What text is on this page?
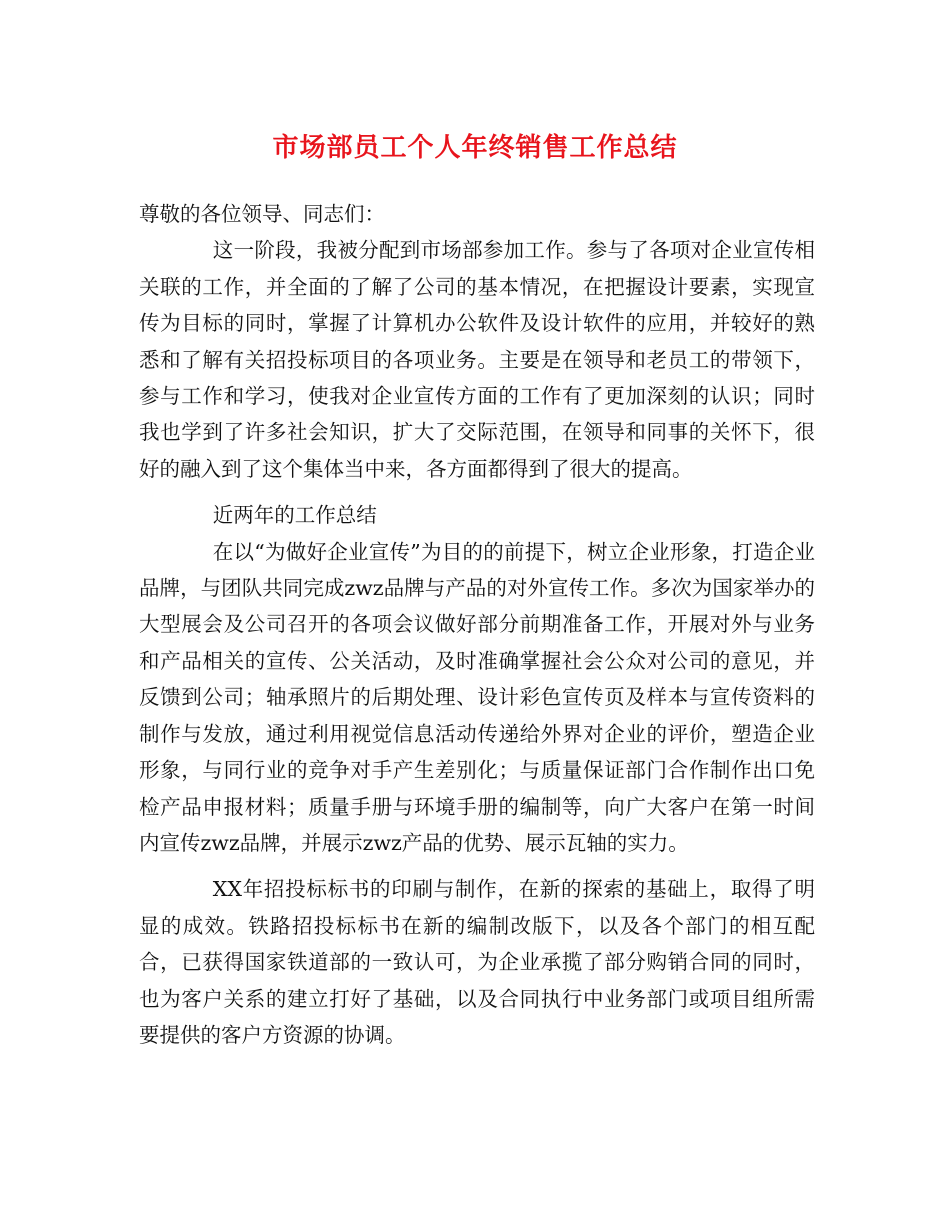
市场部员工个人年终销售工作总结

尊敬的各位领导、同志们：

这一阶段，我被分配到市场部参加工作。参与了各项对企业宣传相关联的工作，并全面的了解了公司的基本情况，在把握设计要素，实现宣传为目标的同时，掌握了计算机办公软件及设计软件的应用，并较好的熟悉和了解有关招投标项目的各项业务。主要是在领导和老员工的带领下，参与工作和学习，使我对企业宣传方面的工作有了更加深刻的认识；同时我也学到了许多社会知识，扩大了交际范围，在领导和同事的关怀下，很好的融入到了这个集体当中来，各方面都得到了很大的提高。

近两年的工作总结

在以“为做好企业宣传”为目的的前提下，树立企业形象，打造企业品牌，与团队共同完成zwz品牌与产品的对外宣传工作。多次为国家举办的大型展会及公司召开的各项会议做好部分前期准备工作，开展对外与业务和产品相关的宣传、公关活动，及时准确掌握社会公众对公司的意见，并反馈到公司；轴承照片的后期处理、设计彩色宣传页及样本与宣传资料的制作与发放，通过利用视觉信息活动传递给外界对企业的评价，塑造企业形象，与同行业的竞争对手产生差别化；与质量保证部门合作制作出口免检产品申报材料；质量手册与环境手册的编制等，向广大客户在第一时间内宣传zwz品牌，并展示zwz产品的优势、展示瓦轴的实力。

XX年招投标标书的印刷与制作，在新的探索的基础上，取得了明显的成效。铁路招投标标书在新的编制改版下，以及各个部门的相互配合，已获得国家铁道部的一致认可，为企业承揽了部分购销合同的同时，也为客户关系的建立打好了基础，以及合同执行中业务部门或项目组所需要提供的客户方资源的协调。
